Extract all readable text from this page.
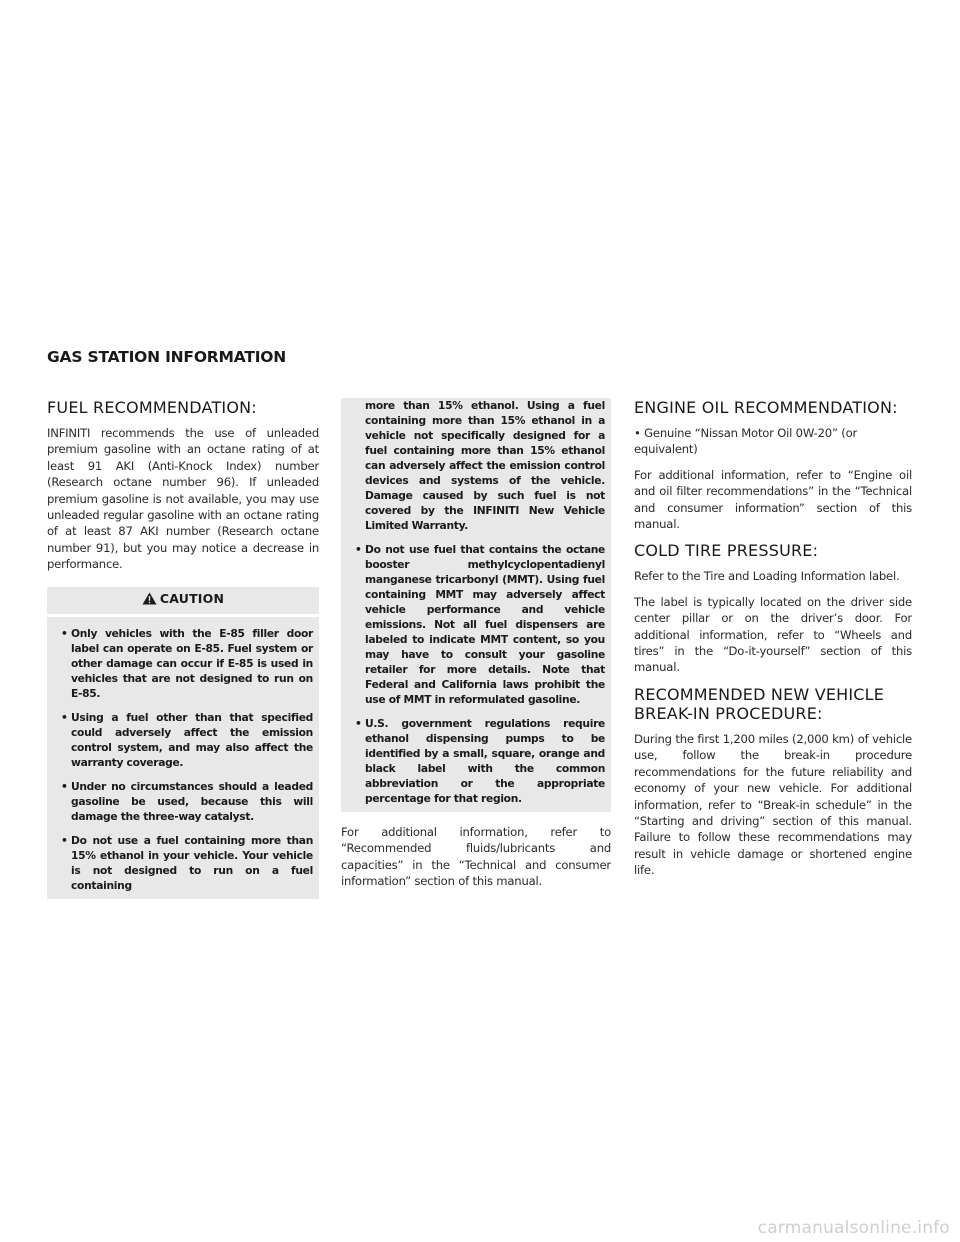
GAS STATION INFORMATION
FUEL RECOMMENDATION:

INFINITI recommends the use of unleaded premium gasoline with an octane rating of at least 91 AKI (Anti-Knock Index) number (Research octane number 96). If unleaded premium gasoline is not available, you may use unleaded regular gasoline with an octane rating of at least 87 AKI number (Research octane number 91), but you may notice a decrease in performance.

CAUTION
• Only vehicles with the E-85 filler door label can operate on E-85. Fuel system or other damage can occur if E-85 is used in vehicles that are not designed to run on E-85.
• Using a fuel other than that specified could adversely affect the emission control system, and may also affect the warranty coverage.
• Under no circumstances should a leaded gasoline be used, because this will damage the three-way catalyst.
• Do not use a fuel containing more than 15% ethanol in your vehicle. Your vehicle is not designed to run on a fuel containing
more than 15% ethanol. Using a fuel containing more than 15% ethanol in a vehicle not specifically designed for a fuel containing more than 15% ethanol can adversely affect the emission control devices and systems of the vehicle. Damage caused by such fuel is not covered by the INFINITI New Vehicle Limited Warranty.
• Do not use fuel that contains the octane booster methylcyclopentadienyl manganese tricarbonyl (MMT). Using fuel containing MMT may adversely affect vehicle performance and vehicle emissions. Not all fuel dispensers are labeled to indicate MMT content, so you may have to consult your gasoline retailer for more details. Note that Federal and California laws prohibit the use of MMT in reformulated gasoline.
• U.S. government regulations require ethanol dispensing pumps to be identified by a small, square, orange and black label with the common abbreviation or the appropriate percentage for that region.

For additional information, refer to “Recommended fluids/lubricants and capacities” in the “Technical and consumer information” section of this manual.

ENGINE OIL RECOMMENDATION:

• Genuine “Nissan Motor Oil 0W-20” (or equivalent)

For additional information, refer to “Engine oil and oil filter recommendations” in the “Technical and consumer information” section of this manual.

COLD TIRE PRESSURE:

Refer to the Tire and Loading Information label.

The label is typically located on the driver side center pillar or on the driver’s door. For additional information, refer to “Wheels and tires” in the “Do-it-yourself” section of this manual.

RECOMMENDED NEW VEHICLE BREAK-IN PROCEDURE:

During the first 1,200 miles (2,000 km) of vehicle use, follow the break-in procedure recommendations for the future reliability and economy of your new vehicle. For additional information, refer to “Break-in schedule” in the “Starting and driving” section of this manual. Failure to follow these recommendations may result in vehicle damage or shortened engine life.

carmanualsonline.info
